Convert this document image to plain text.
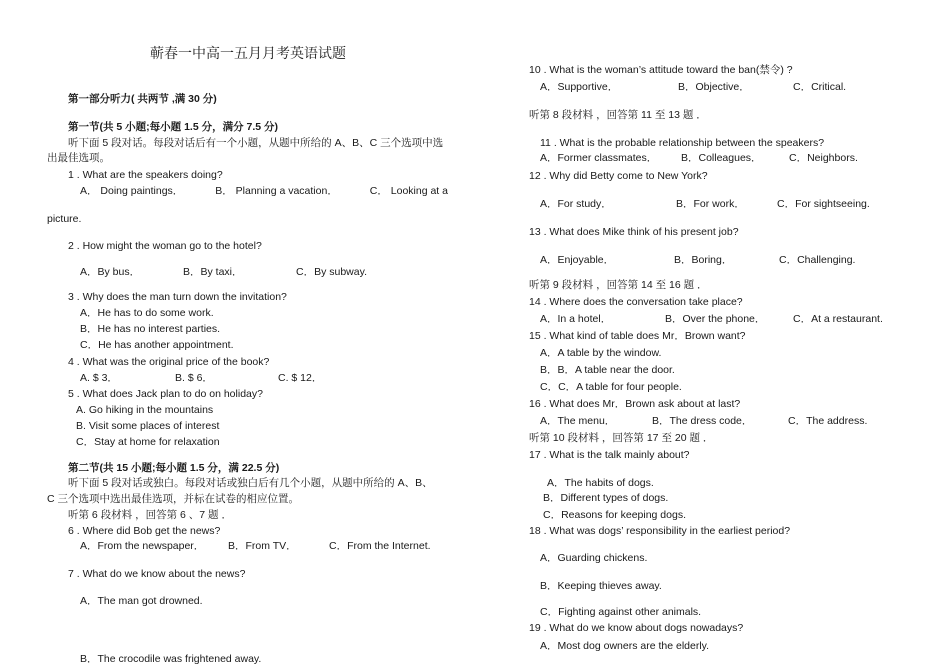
蕲春一中高一五月月考英语试题
第一部分听力( 共两节 ,满 30 分)
第一节(共 5 小题;每小题 1.5 分，满分 7.5 分)
听下面 5 段对话。每段对话后有一个小题，从题中所给的 A、B、C 三个选项中选
出最佳选项。
1 . What are the speakers doing?
A． Doing paintings．	B． Planning a vacation．	C． Looking at a
picture.
2 . How might the woman go to the hotel?
A．By bus．	B．By taxi．	C．By subway.
3 . Why does the man turn down the invitation?
A．He has to do some work.
B．He has no interest parties.
C．He has another appointment.
4 . What was the original price of the book?
A. $ 3．	B. $ 6．	C. $ 12．
5 . What does Jack plan to do on holiday?
A. Go hiking in the mountains
B. Visit some places of interest
C．Stay at home for relaxation
第二节(共 15 小题;每小题 1.5 分，满 22.5 分)
听下面 5 段对话或独白。每段对话或独白后有几个小题，从题中所给的 A、B、
C 三个选项中选出最佳选项，并标在试卷的相应位置。
听第 6 段材料 ，回答第 6 、7 题 ．
6 . Where did Bob get the news?
A．From the newspaper． B．From TV．	C．From the Internet.
7 . What do we know about the news?
A．The man got drowned.
B．The crocodile was frightened away.
10 . What is the woman’s attitude toward the ban(禁令) ?
A．Supportive．	B．Objective．	C．Critical.
听第 8 段材料 ，回答第 11 至 13 题 ．
11 . What is the probable relationship between the speakers?
A．Former classmates． B．Colleagues．	C．Neighbors.
12 . Why did Betty come to New York?
A．For study．	B．For work．	C．For sightseeing.
13 . What does Mike think of his present job?
A．Enjoyable．	B．Boring．	C．Challenging.
听第 9 段材料 ，回答第 14 至 16 题 ．
14 . Where does the conversation take place?
A．In a hotel．	B．Over the phone．	C．At a restaurant.
15 . What kind of table does Mr．Brown want?
A．A table by the window.
B．B．A table near the door.
C．C．A table for four people.
16 . What does Mr．Brown ask about at last?
A．The menu．	B．The dress code．	C．The address.
听第 10 段材料 ，回答第 17 至 20 题 ．
17 . What is the talk mainly about?
A．The habits of dogs.
B．Different types of dogs.
C．Reasons for keeping dogs.
18 . What was dogs’ responsibility in the earliest period?
A．Guarding chickens.
B．Keeping thieves away.
C．Fighting against other animals.
19 . What do we know about dogs nowadays?
A．Most dog owners are the elderly.
